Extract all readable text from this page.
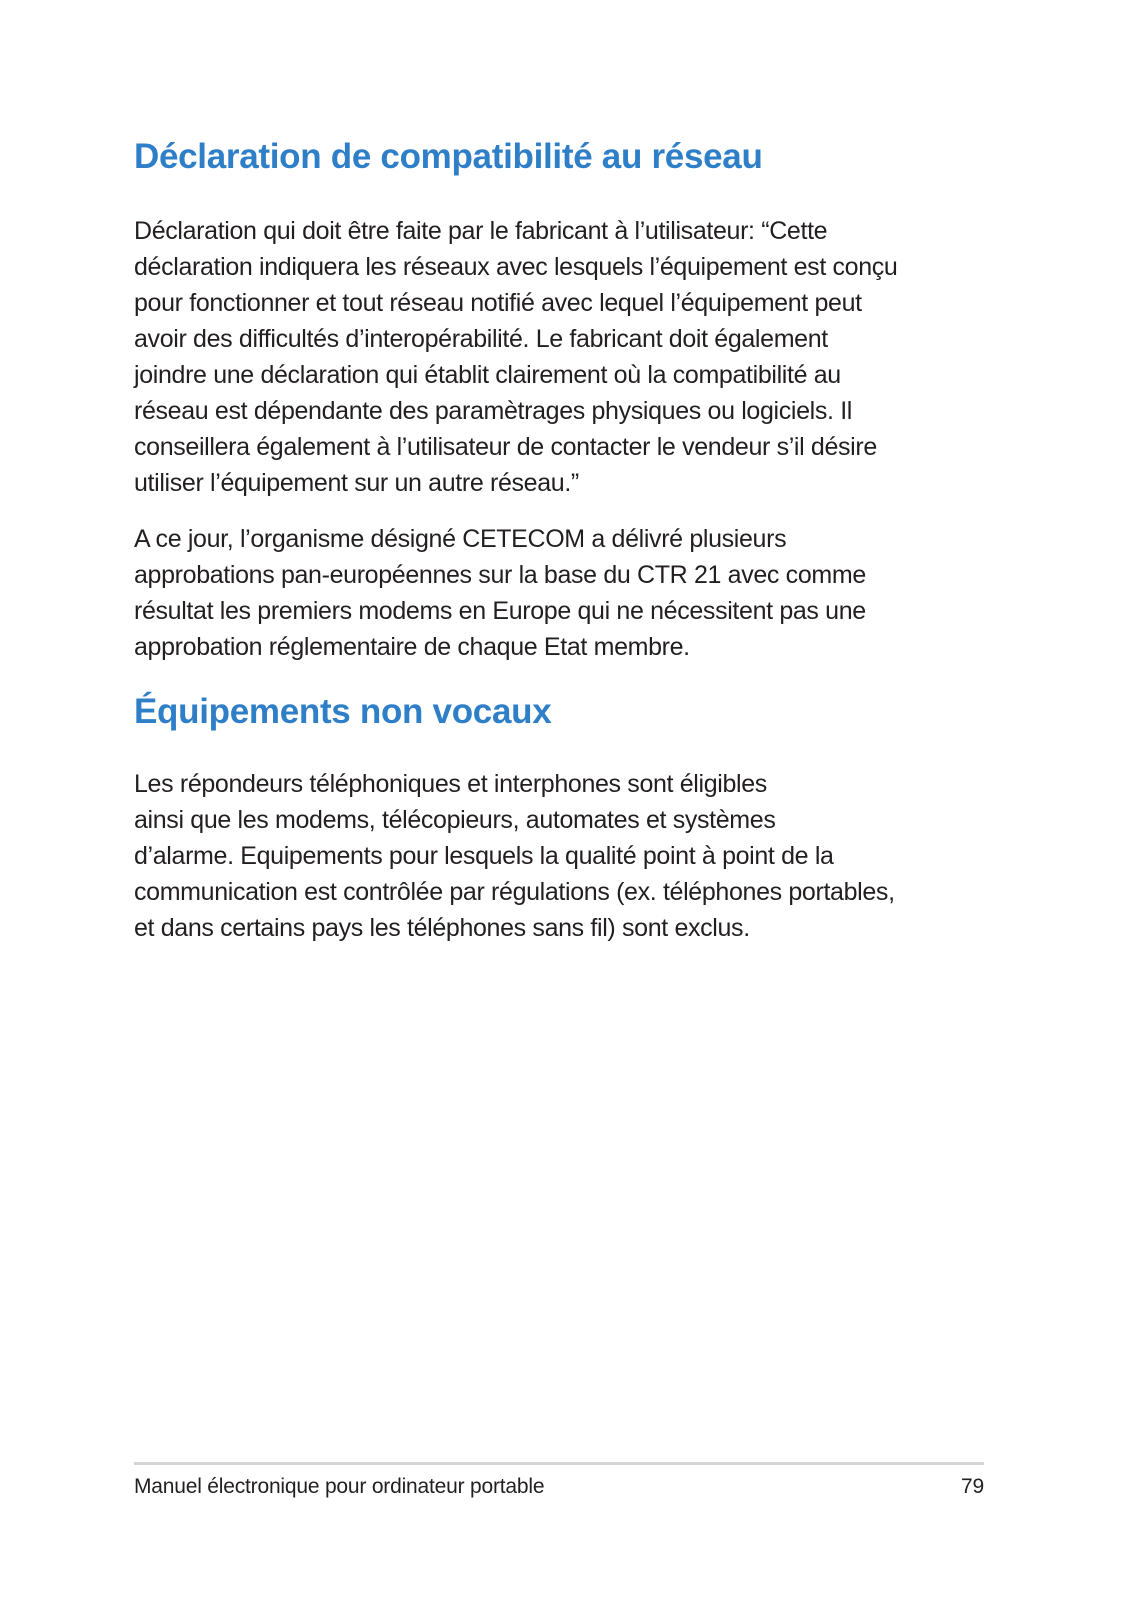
Déclaration de compatibilité au réseau

Déclaration qui doit être faite par le fabricant à l’utilisateur: “Cette
déclaration indiquera les réseaux avec lesquels l’équipement est conçu
pour fonctionner et tout réseau notifié avec lequel l’équipement peut
avoir des difficultés d’interopérabilité. Le fabricant doit également
joindre une déclaration qui établit clairement où la compatibilité au
réseau est dépendante des paramètrages physiques ou logiciels. Il
conseillera également à l’utilisateur de contacter le vendeur s’il désire
utiliser l’équipement sur un autre réseau.”

A ce jour, l’organisme désigné CETECOM a délivré plusieurs
approbations pan-européennes sur la base du CTR 21 avec comme
résultat les premiers modems en Europe qui ne nécessitent pas une
approbation réglementaire de chaque Etat membre.

Équipements non vocaux

Les répondeurs téléphoniques et interphones sont éligibles
ainsi que les modems, télécopieurs, automates et systèmes
d’alarme. Equipements pour lesquels la qualité point à point de la
communication est contrôlée par régulations (ex. téléphones portables,
et dans certains pays les téléphones sans fil) sont exclus.

Manuel électronique pour ordinateur portable	79
